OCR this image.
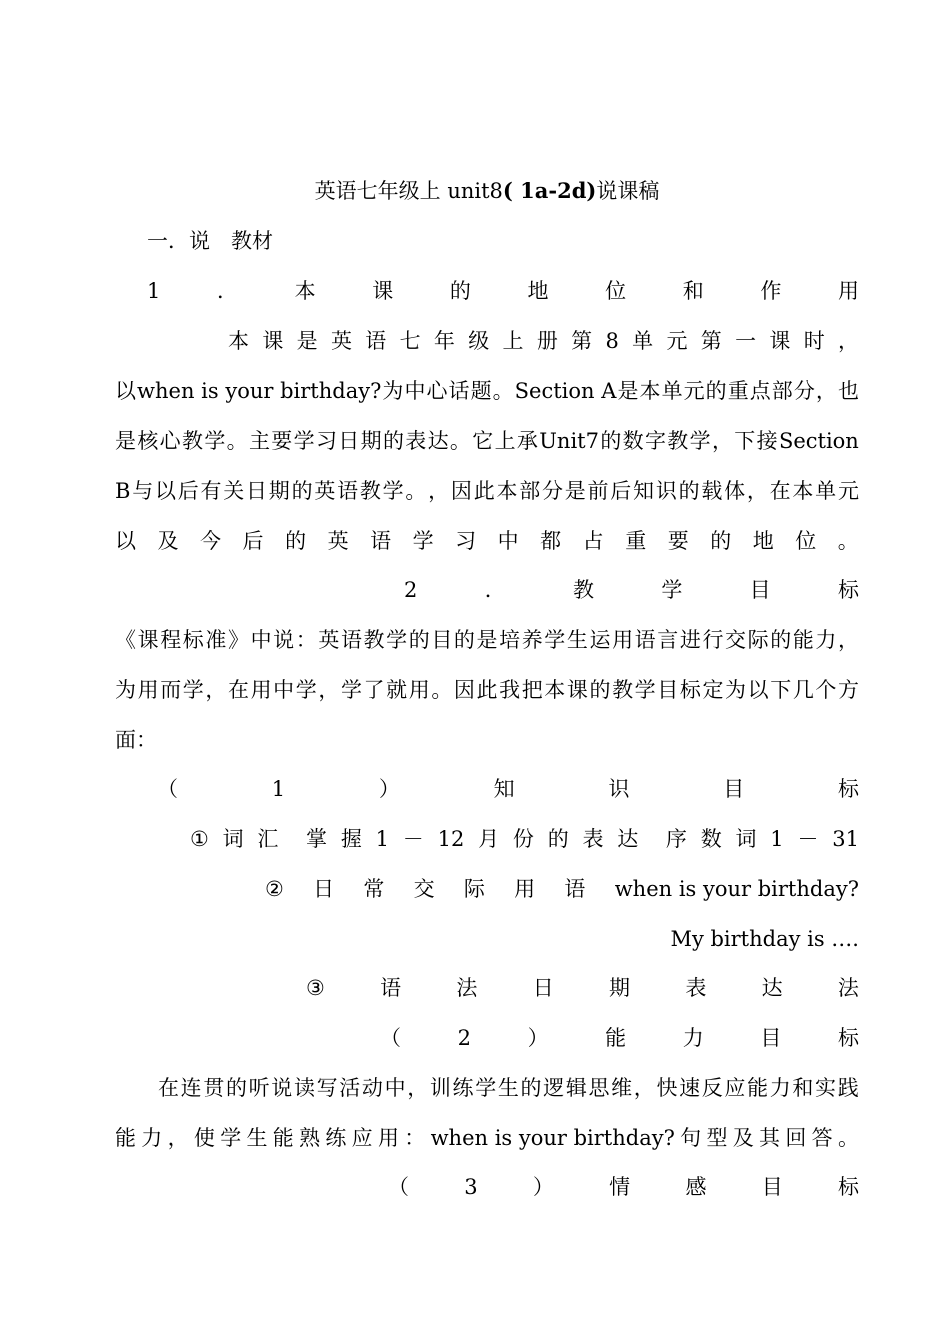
英语七年级上 unit8( 1a-2d)说课稿
一．说　教材
1	．	本	课	的	地	位	和	作	用
本 课 是 英 语 七 年 级 上 册 第 8 单 元 第 一 课 时 ，
以 when is your birthday? 为 中 心 话 题 。 Section A 是 本 单 元 的 重 点 部 分 ， 也
是 核 心 教 学 。 主 要 学 习 日 期 的 表 达 。 它 上 承 Unit7 的 数 字 教 学 ， 下 接 Section
B 与 以 后 有 关 日 期 的 英 语 教 学 。 ， 因 此 本 部 分 是 前 后 知 识 的 载 体 ， 在 本 单 元
以 及 今 后 的 英 语 学 习 中 都 占 重 要 的 地 位 。
2	．	教	学	目	标
《 课 程 标 准 》 中 说 ： 英 语 教 学 的 目 的 是 培 养 学 生 运 用 语 言 进 行 交 际 的 能 力 ，
为 用 而 学 ， 在 用 中 学 ， 学 了 就 用 。 因 此 我 把 本 课 的 教 学 目 标 定 为 以 下 几 个 方
面：
（	1	）	知	识	目	标
① 词 汇 掌 握 1 － 12 月 份 的 表 达 序 数 词 1 － 31
② 日 常 交 际 用 语 when is your birthday?
My birthday is ….
③	语	法	日	期	表	达	法
（	2	）	能	力	目	标
在 连 贯 的 听 说 读 写 活 动 中 ， 训 练 学 生 的 逻 辑 思 维 ， 快 速 反 应 能 力 和 实 践
能 力 ， 使 学 生 能 熟 练 应 用 ： when is your birthday? 句 型 及 其 回 答 。
（	3	）	情	感	目	标
